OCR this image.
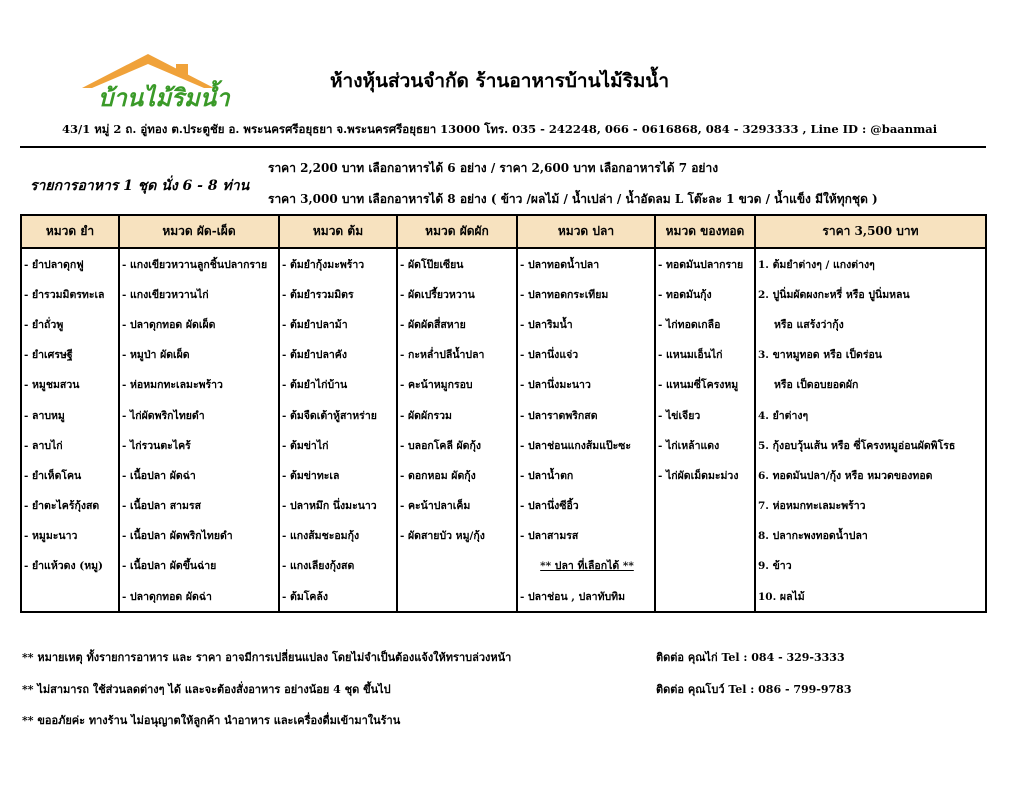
บ้านไม้ริมน้ำ
ห้างหุ้นส่วนจำกัด ร้านอาหารบ้านไม้ริมน้ำ
43/1 หมู่ 2 ถ. อู่ทอง ต.ประตูชัย อ. พระนครศรีอยุธยา จ.พระนครศรีอยุธยา 13000 โทร. 035 - 242248, 066 - 0616868, 084 - 3293333 , Line ID : @baanmai
รายการอาหาร 1 ชุด นั่ง 6 - 8 ท่าน
ราคา 2,200 บาท เลือกอาหารได้ 6 อย่าง / ราคา 2,600 บาท เลือกอาหารได้ 7 อย่าง
ราคา 3,000 บาท เลือกอาหารได้ 8 อย่าง ( ข้าว /ผลไม้ / น้ำเปล่า / น้ำอัดลม L โต๊ะละ 1 ขวด / น้ำแข็ง มีให้ทุกชุด )
หมวด ยำ	หมวด ผัด-เผ็ด	หมวด ต้ม	หมวด ผัดผัก	หมวด ปลา	หมวด ของทอด	ราคา 3,500 บาท
- ยำปลาดุกฟู	- แกงเขียวหวานลูกชิ้นปลากราย	- ต้มยำกุ้งมะพร้าว	- ผัดโป๊ยเซียน	- ปลาทอดน้ำปลา	- ทอดมันปลากราย	1. ต้มยำต่างๆ / แกงต่างๆ
- ยำรวมมิตรทะเล	- แกงเขียวหวานไก่	- ต้มยำรวมมิตร	- ผัดเปรี้ยวหวาน	- ปลาทอดกระเทียม	- ทอดมันกุ้ง	2. ปูนิ่มผัดผงกะหรี่ หรือ ปูนิ่มหลน
- ยำถั่วพู	- ปลาดุกทอด ผัดเผ็ด	- ต้มยำปลาม้า	- ผัดผัดสี่สหาย	- ปลาริมน้ำ	- ไก่ทอดเกลือ	หรือ แสร้งว่ากุ้ง
- ยำเศรษฐี	- หมูป่า ผัดเผ็ด	- ต้มยำปลาคัง	- กะหล่ำปลีน้ำปลา	- ปลานึ่งแจ่ว	- แหนมเอ็นไก่	3. ขาหมูทอด หรือ เป็ดร่อน
- หมูชมสวน	- ห่อหมกทะเลมะพร้าว	- ต้มยำไก่บ้าน	- คะน้าหมูกรอบ	- ปลานึ่งมะนาว	- แหนมซี่โครงหมู	หรือ เป็ดอบยอดผัก
- ลาบหมู	- ไก่ผัดพริกไทยดำ	- ต้มจืดเต้าหู้สาหร่าย	- ผัดผักรวม	- ปลาราดพริกสด	- ไข่เจียว	4. ยำต่างๆ
- ลาบไก่	- ไก่รวนตะไคร้	- ต้มข่าไก่	- บลอกโคลี ผัดกุ้ง	- ปลาช่อนแกงส้มแป๊ะซะ	- ไก่เหล้าแดง	5. กุ้งอบวุ้นเส้น หรือ ซี่โครงหมูอ่อนผัดพิโรธ
- ยำเห็ดโคน	- เนื้อปลา ผัดฉ่า	- ต้มข่าทะเล	- ดอกหอม ผัดกุ้ง	- ปลาน้ำตก	- ไก่ผัดเม็ดมะม่วง	6. ทอดมันปลา/กุ้ง หรือ หมวดของทอด
- ยำตะไคร้กุ้งสด	- เนื้อปลา สามรส	- ปลาหมึก นึ่งมะนาว	- คะน้าปลาเค็ม	- ปลานึ่งซีอิ้ว		7. ห่อหมกทะเลมะพร้าว
- หมูมะนาว	- เนื้อปลา ผัดพริกไทยดำ	- แกงส้มชะอมกุ้ง	- ผัดสายบัว หมู/กุ้ง	- ปลาสามรส		8. ปลากะพงทอดน้ำปลา
- ยำแห้วดง (หมู)	- เนื้อปลา ผัดขึ้นฉ่าย	- แกงเลียงกุ้งสด		** ปลา ที่เลือกได้ **		9. ข้าว
	- ปลาดุกทอด ผัดฉ่า	- ต้มโคล้ง		- ปลาช่อน , ปลาทับทิม		10. ผลไม้
** หมายเหตุ ทั้งรายการอาหาร และ ราคา อาจมีการเปลี่ยนแปลง โดยไม่จำเป็นต้องแจ้งให้ทราบล่วงหน้า
** ไม่สามารถ ใช้ส่วนลดต่างๆ ได้ และจะต้องสั่งอาหาร อย่างน้อย 4 ชุด ขึ้นไป
** ขออภัยค่ะ ทางร้าน ไม่อนุญาตให้ลูกค้า นำอาหาร และเครื่องดื่มเข้ามาในร้าน
ติดต่อ คุณไก่ Tel : 084 - 329-3333
ติดต่อ คุณโบว์ Tel : 086 - 799-9783
